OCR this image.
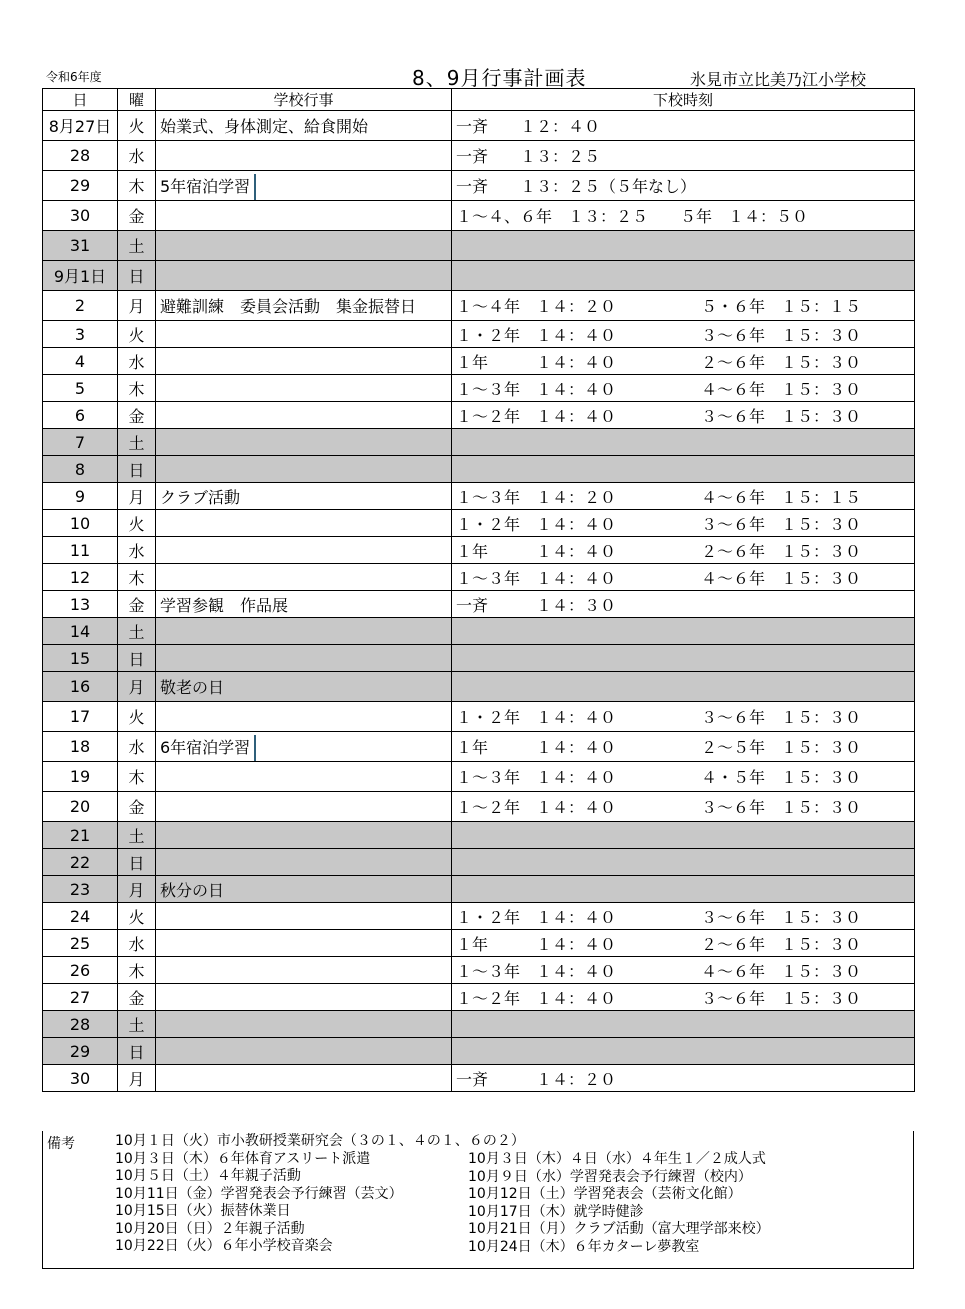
令和6年度	8、9月行事計画表	氷見市立比美乃江小学校
日	曜	学校行事	下校時刻
8月27日	火	始業式、身体測定、給食開始	一斉　　１２：４０

28	水		一斉　　１３：２５

29	木	5年宿泊学習	一斉　　１３：２５（５年なし）

30	金		１～４、６年　１３：２５　　５年　１４：５０

31	土		

9月1日	日		

2	月	避難訓練　委員会活動　集金振替日	１～４年　１４：２０ ５・６年　１５：１５

3	火		１・２年　１４：４０ ３～６年　１５：３０

4	水		１年　　　１４：４０ ２～６年　１５：３０

5	木		１～３年　１４：４０ ４～６年　１５：３０

6	金		１～２年　１４：４０ ３～６年　１５：３０

7	土		

8	日		

9	月	クラブ活動	１～３年　１４：２０ ４～６年　１５：１５

10	火		１・２年　１４：４０ ３～６年　１５：３０

11	水		１年　　　１４：４０ ２～６年　１５：３０

12	木		１～３年　１４：４０ ４～６年　１５：３０

13	金	学習参観　作品展	一斉　　　１４：３０

14	土		

15	日		

16	月	敬老の日	

17	火		１・２年　１４：４０ ３～６年　１５：３０

18	水	6年宿泊学習	１年　　　１４：４０ ２～５年　１５：３０

19	木		１～３年　１４：４０ ４・５年　１５：３０

20	金		１～２年　１４：４０ ３～６年　１５：３０

21	土		

22	日		

23	月	秋分の日	

24	火		１・２年　１４：４０ ３～６年　１５：３０

25	水		１年　　　１４：４０ ２～６年　１５：３０

26	木		１～３年　１４：４０ ４～６年　１５：３０

27	金		１～２年　１４：４０ ３～６年　１５：３０

28	土		

29	日		

30	月		一斉　　　１４：２０
備考	10月１日（火）市小教研授業研究会（３の１、４の１、６の２）
10月３日（木）６年体育アスリート派遣
10月５日（土）４年親子活動
10月11日（金）学習発表会予行練習（芸文）
10月15日（火）振替休業日
10月20日（日）２年親子活動
10月22日（火）６年小学校音楽会
10月３日（木）４日（水）４年生１／２成人式
10月９日（水）学習発表会予行練習（校内）
10月12日（土）学習発表会（芸術文化館）
10月17日（木）就学時健診
10月21日（月）クラブ活動（富大理学部来校）
10月24日（木）６年カターレ夢教室
